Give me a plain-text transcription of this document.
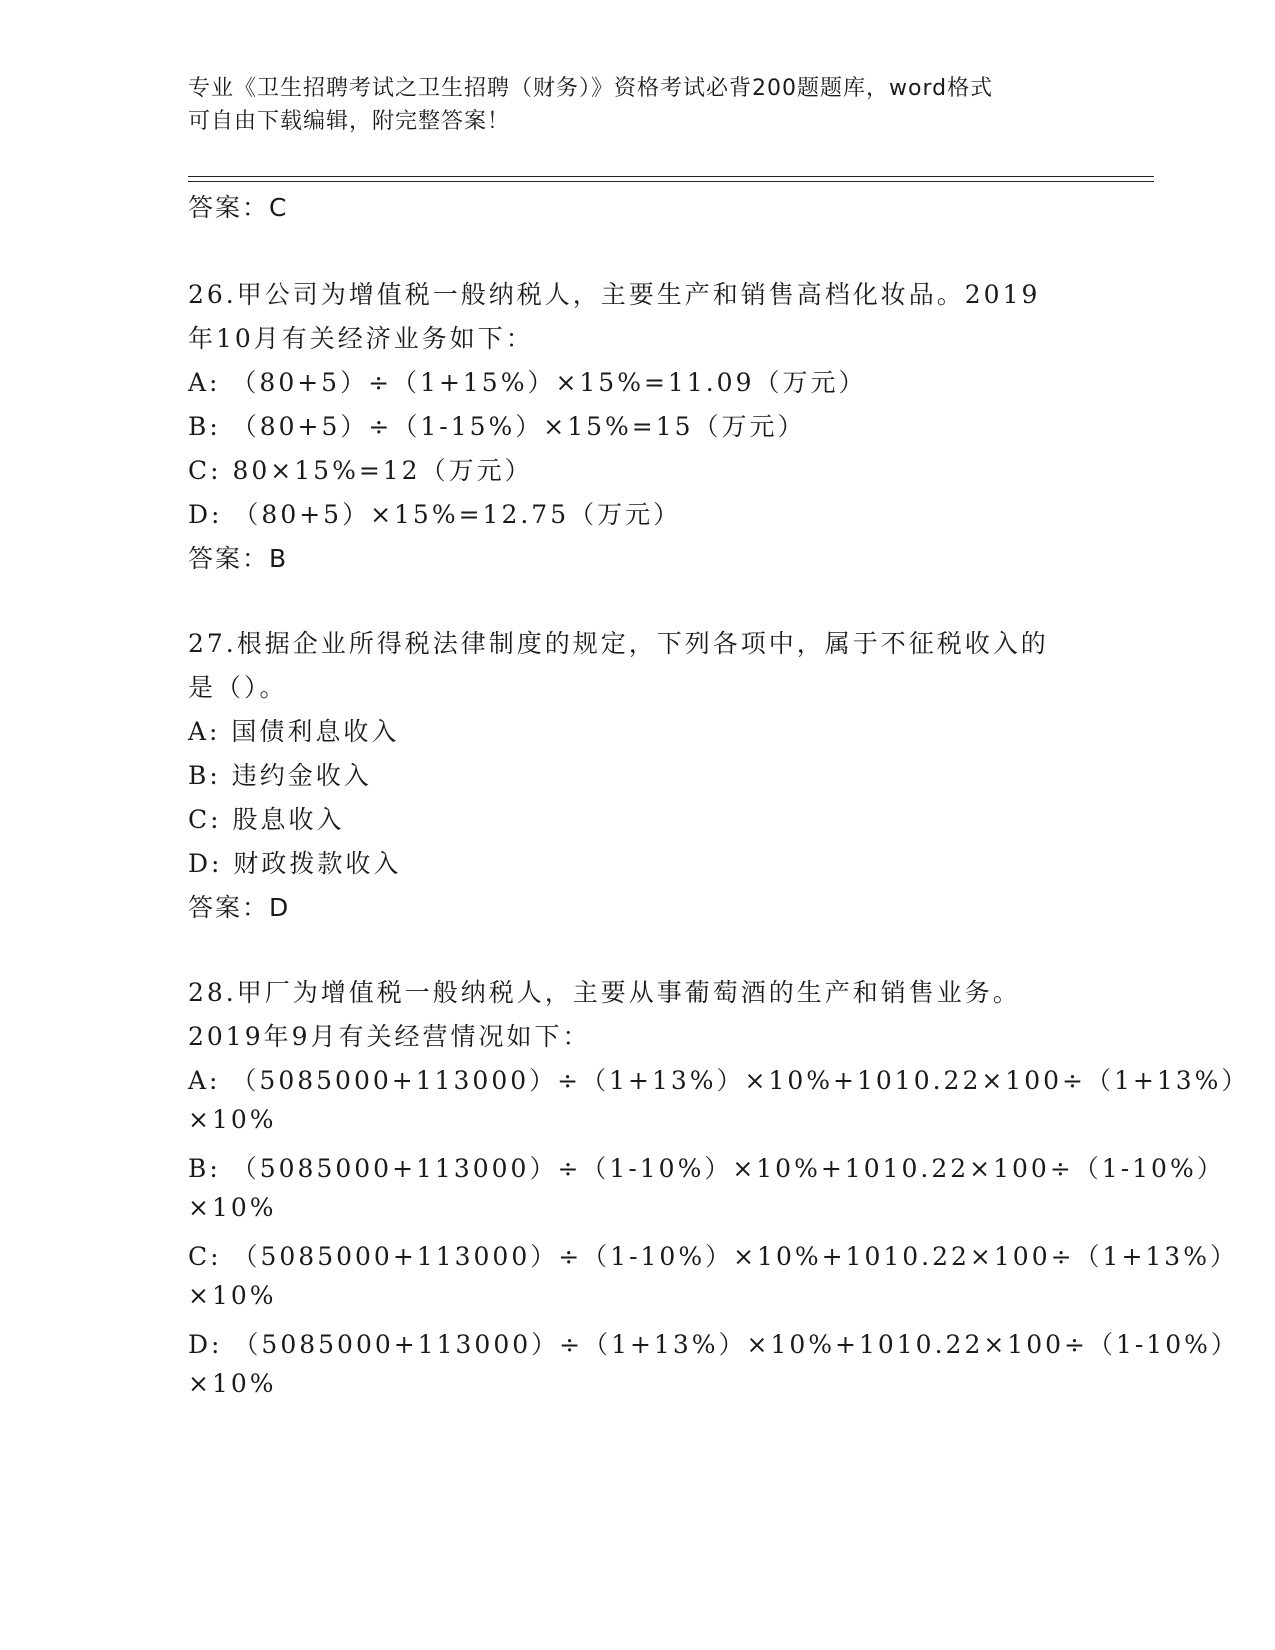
专业《卫生招聘考试之卫生招聘（财务）》资格考试必背200题题库，word格式
可自由下载编辑，附完整答案！
答案：C
26.甲公司为增值税一般纳税人，主要生产和销售高档化妆品。2019
年10月有关经济业务如下：
A: （80+5）÷（1+15%）×15%=11.09（万元）
B: （80+5）÷（1-15%）×15%=15（万元）
C: 80×15%=12（万元）
D: （80+5）×15%=12.75（万元）
答案：B
27.根据企业所得税法律制度的规定，下列各项中，属于不征税收入的
是（）。
A: 国债利息收入
B: 违约金收入
C: 股息收入
D: 财政拨款收入
答案：D
28.甲厂为增值税一般纳税人，主要从事葡萄酒的生产和销售业务。
2019年9月有关经营情况如下：
A: （5085000+113000）÷（1+13%）×10%+1010.22×100÷（1+13%）
×10%
B: （5085000+113000）÷（1-10%）×10%+1010.22×100÷（1-10%）
×10%
C: （5085000+113000）÷（1-10%）×10%+1010.22×100÷（1+13%）
×10%
D: （5085000+113000）÷（1+13%）×10%+1010.22×100÷（1-10%）
×10%
